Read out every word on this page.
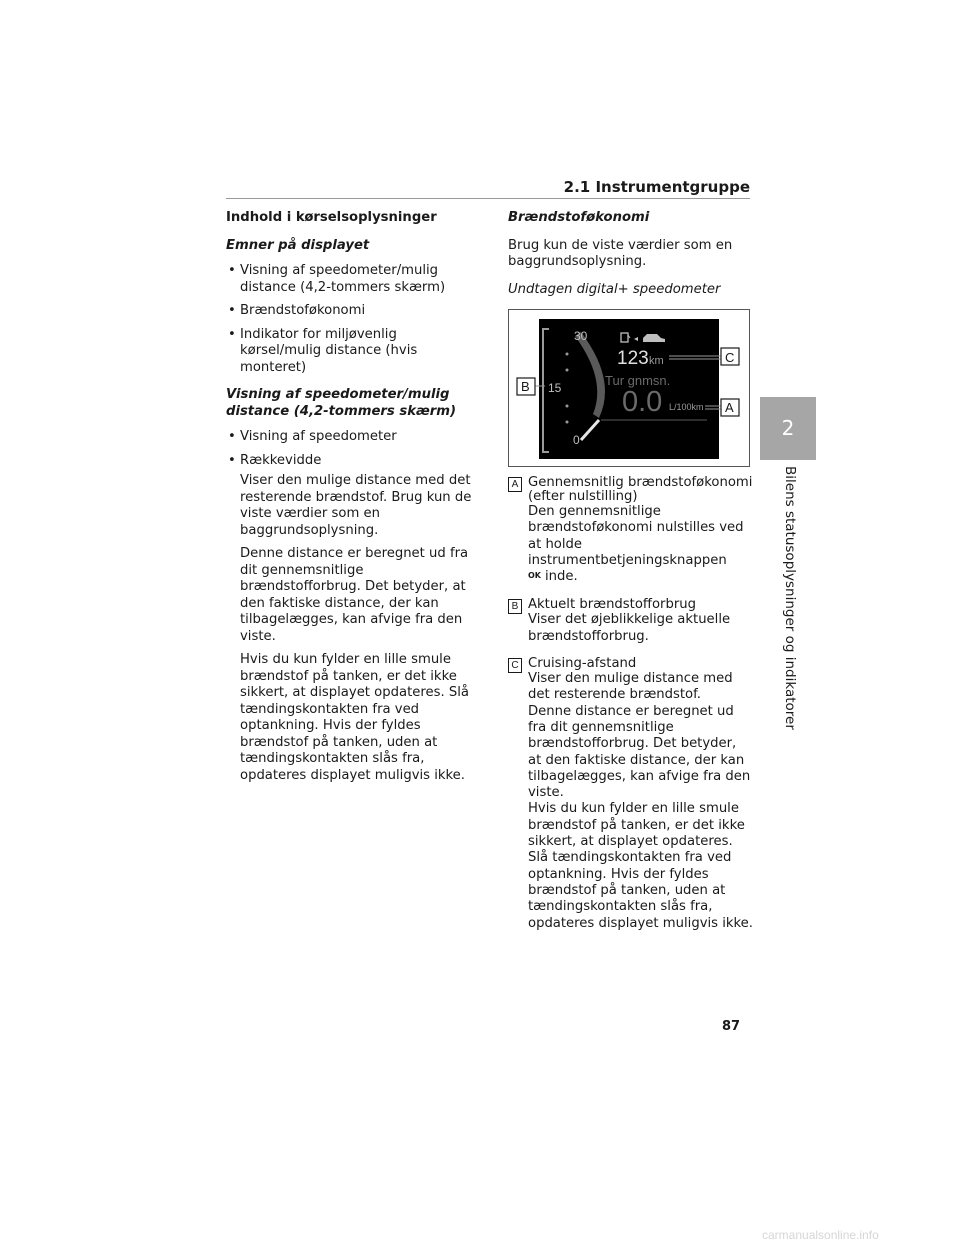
2.1 Instrumentgruppe
Indhold i kørselsoplysninger
Emner på displayet
• Visning af speedometer/mulig distance (4,2-tommers skærm)
• Brændstoføkonomi
• Indikator for miljøvenlig kørsel/mulig distance (hvis monteret)
Visning af speedometer/mulig distance (4,2-tommers skærm)
• Visning af speedometer
• Rækkevidde

Viser den mulige distance med det resterende brændstof. Brug kun de viste værdier som en baggrundsoplysning.

Denne distance er beregnet ud fra dit gennemsnitlige brændstofforbrug. Det betyder, at den faktiske distance, der kan tilbagelægges, kan afvige fra den viste.

Hvis du kun fylder en lille smule brændstof på tanken, er det ikke sikkert, at displayet opdateres. Slå tændingskontakten fra ved optankning. Hvis der fyldes brændstof på tanken, uden at tændingskontakten slås fra, opdateres displayet muligvis ikke.

Brændstoføkonomi

Brug kun de viste værdier som en baggrundsoplysning.

Undtagen digital+ speedometer
30
15
0
123 km
Tur gnmsn.
0.0 L/100km
C
A
B
A Gennemsnitlig brændstoføkonomi (efter nulstilling)

Den gennemsnitlige brændstoføkonomi nulstilles ved at holde instrumentbetjeningsknappen
OK inde.

B Aktuelt brændstofforbrug

Viser det øjeblikkelige aktuelle brændstofforbrug.

C Cruising-afstand

Viser den mulige distance med det resterende brændstof.

Denne distance er beregnet ud fra dit gennemsnitlige brændstofforbrug. Det betyder, at den faktiske distance, der kan tilbagelægges, kan afvige fra den viste.

Hvis du kun fylder en lille smule brændstof på tanken, er det ikke sikkert, at displayet opdateres. Slå tændingskontakten fra ved optankning. Hvis der fyldes brændstof på tanken, uden at tændingskontakten slås fra, opdateres displayet muligvis ikke.

2
Bilens statusoplysninger og indikatorer
87
carmanualsonline.info
